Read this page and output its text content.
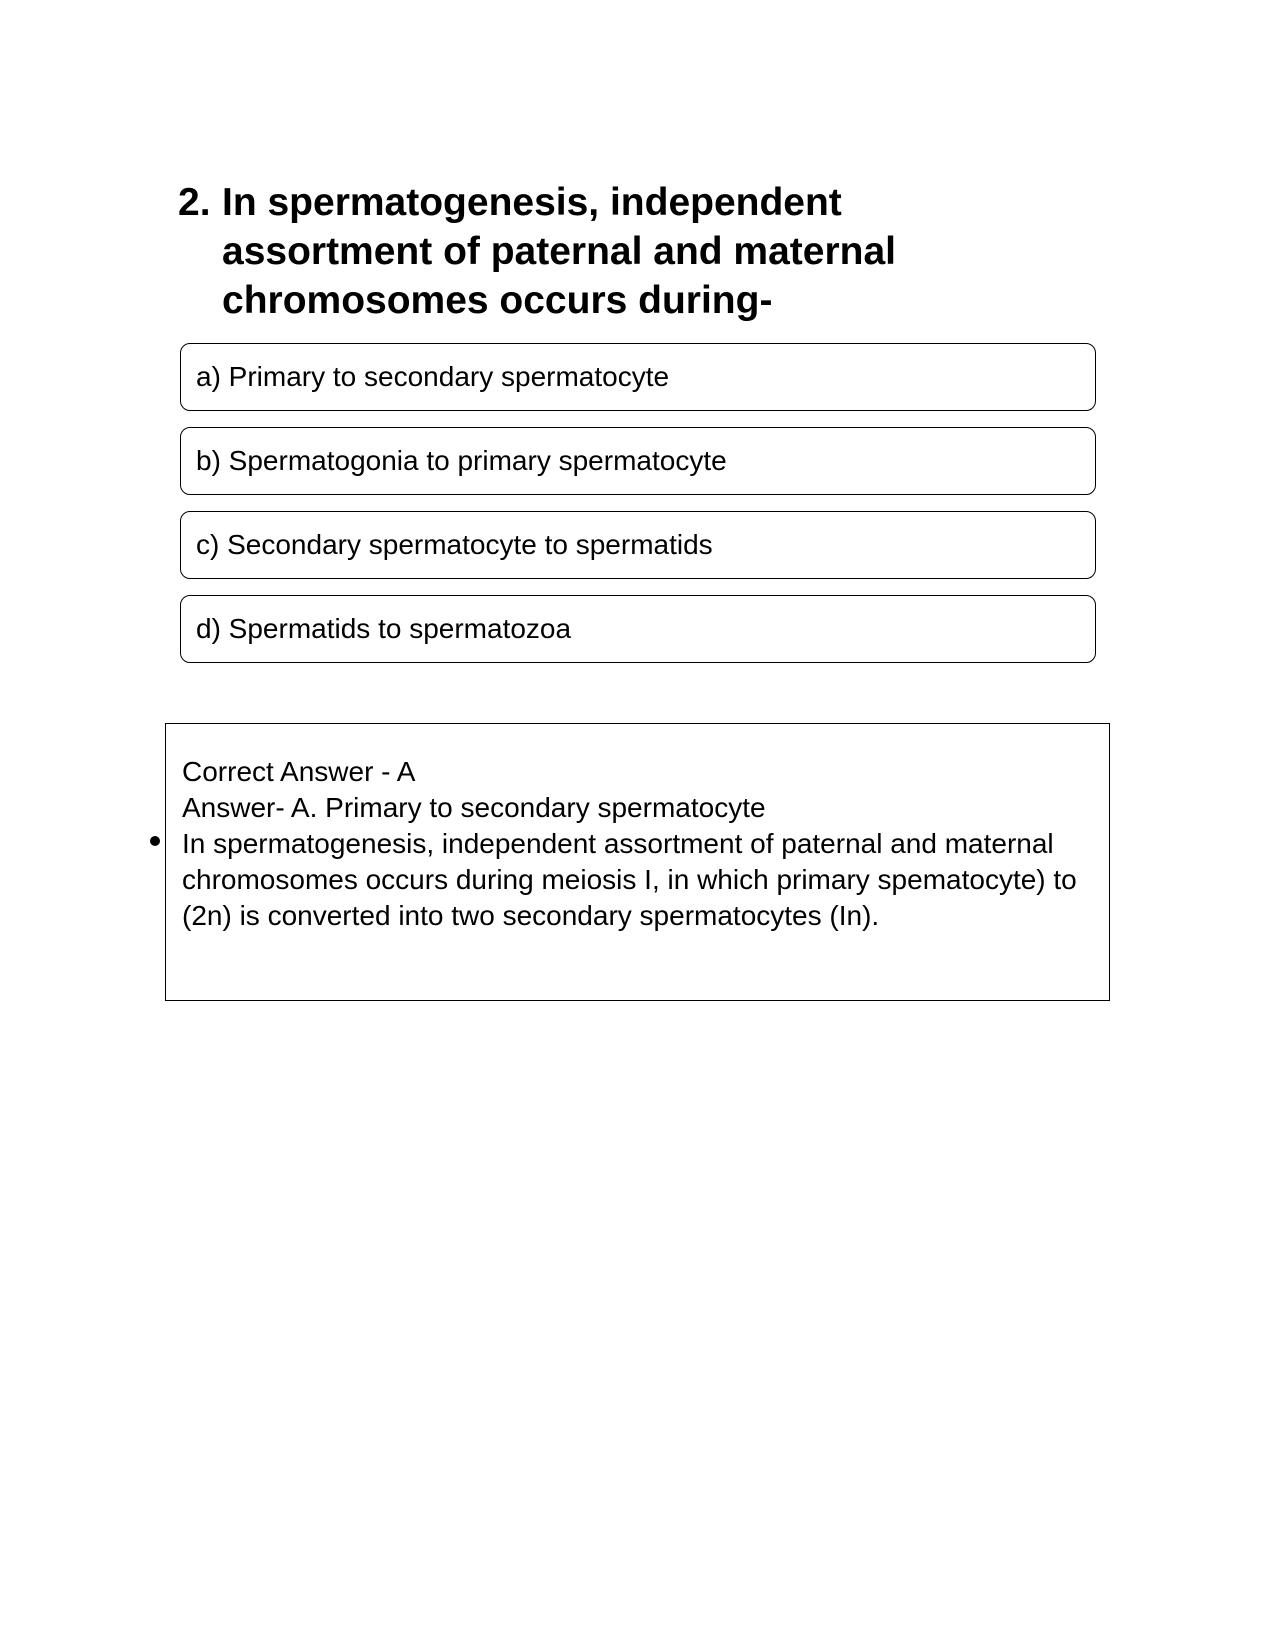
2. In spermatogenesis, independent assortment of paternal and maternal chromosomes occurs during-
a) Primary to secondary spermatocyte
b) Spermatogonia to primary spermatocyte
c) Secondary spermatocyte to spermatids
d) Spermatids to spermatozoa
Correct Answer - A
Answer- A. Primary to secondary spermatocyte
In spermatogenesis, independent assortment of paternal and maternal chromosomes occurs during meiosis I, in which primary spematocyte) to (2n) is converted into two secondary spermatocytes (In).
